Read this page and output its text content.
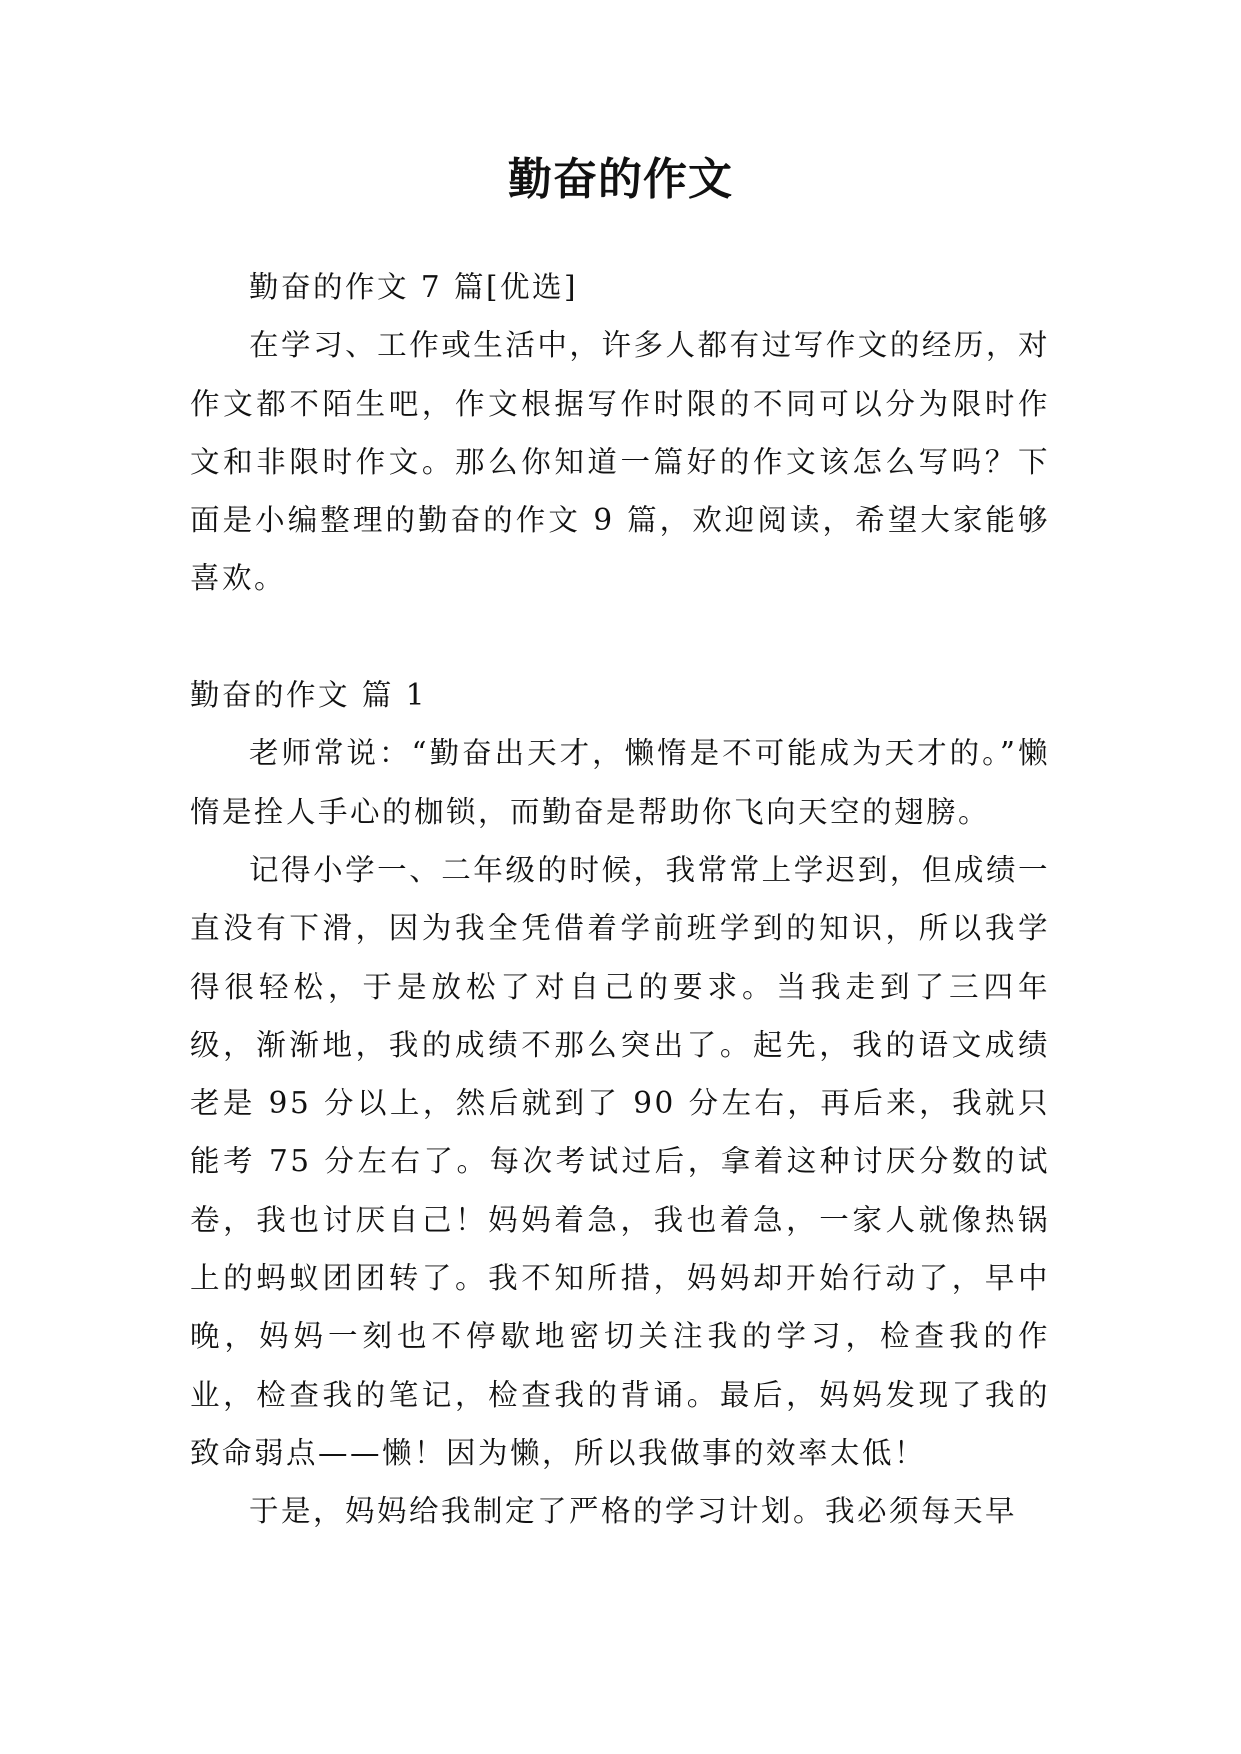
勤奋的作文

勤奋的作文 7 篇[优选]

在学习、工作或生活中，许多人都有过写作文的经历，对作文都不陌生吧，作文根据写作时限的不同可以分为限时作文和非限时作文。那么你知道一篇好的作文该怎么写吗？下面是小编整理的勤奋的作文 9 篇，欢迎阅读，希望大家能够喜欢。

勤奋的作文 篇 1

老师常说：“勤奋出天才，懒惰是不可能成为天才的。”懒惰是拴人手心的枷锁，而勤奋是帮助你飞向天空的翅膀。

记得小学一、二年级的时候，我常常上学迟到，但成绩一直没有下滑，因为我全凭借着学前班学到的知识，所以我学得很轻松，于是放松了对自己的要求。当我走到了三四年级，渐渐地，我的成绩不那么突出了。起先，我的语文成绩老是 95 分以上，然后就到了 90 分左右，再后来，我就只能考 75 分左右了。每次考试过后，拿着这种讨厌分数的试卷，我也讨厌自己！妈妈着急，我也着急，一家人就像热锅上的蚂蚁团团转了。我不知所措，妈妈却开始行动了，早中晚，妈妈一刻也不停歇地密切关注我的学习，检查我的作业，检查我的笔记，检查我的背诵。最后，妈妈发现了我的致命弱点——懒！因为懒，所以我做事的效率太低！

于是，妈妈给我制定了严格的学习计划。我必须每天早
